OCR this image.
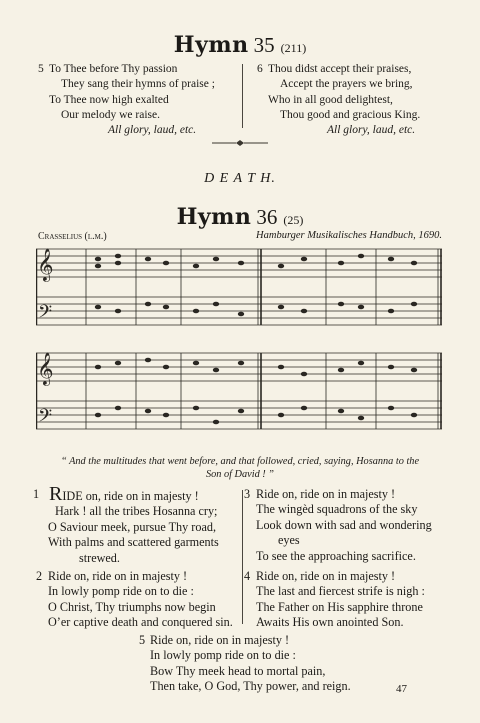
Hymn 35 (211)
5 To Thee before Thy passion
They sang their hymns of praise ;
To Thee now high exalted
Our melody we raise.
All glory, laud, etc.
6 Thou didst accept their praises,
Accept the prayers we bring,
Who in all good delightest,
Thou good and gracious King.
All glory, laud, etc.
D E A T H.
Hymn 36 (25)
Crasselius (l.m.)	Hamburger Musikalisches Handbuch, 1690.
𝄞
𝄢
𝄞
𝄢
“ And the multitudes that went before, and that followed, cried, saying, Hosanna to the
Son of David ! ”
1 RIDE on, ride on in majesty !
Hark ! all the tribes Hosanna cry;
O Saviour meek, pursue Thy road,
With palms and scattered garments
strewed.
2 Ride on, ride on in majesty !
In lowly pomp ride on to die :
O Christ, Thy triumphs now begin
O’er captive death and conquered sin.
3 Ride on, ride on in majesty !
The wingèd squadrons of the sky
Look down with sad and wondering
eyes
To see the approaching sacrifice.
4 Ride on, ride on in majesty !
The last and fiercest strife is nigh :
The Father on His sapphire throne
Awaits His own anointed Son.
5 Ride on, ride on in majesty !
In lowly pomp ride on to die :
Bow Thy meek head to mortal pain,
Then take, O God, Thy power, and reign.	47
